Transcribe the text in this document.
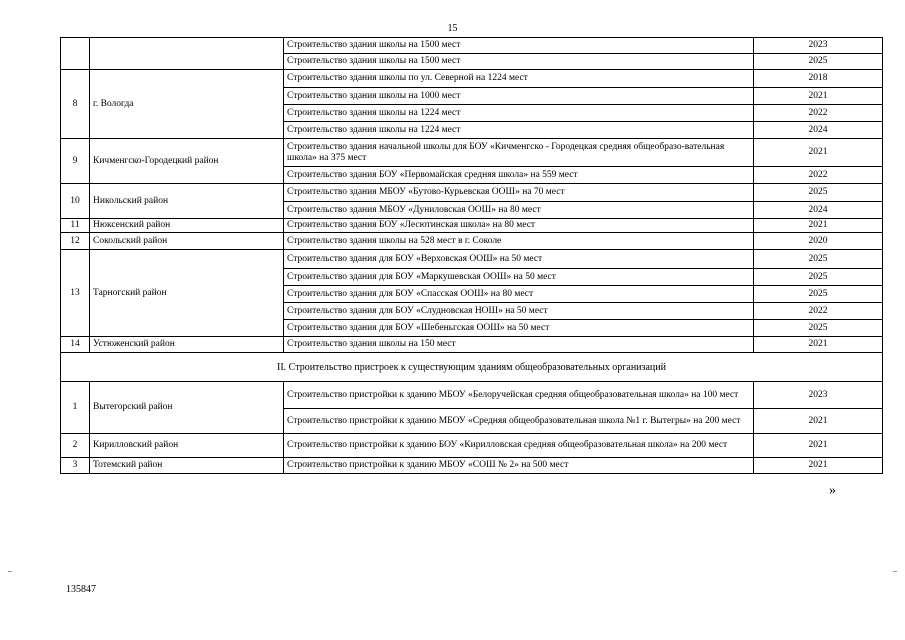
15
		Строительство здания школы на 1500 мест	2023
		Строительство здания школы на 1500 мест	2025
8	г. Вологда	Строительство здания школы по ул. Северной на 1224 мест	2018
		Строительство здания школы на 1000 мест	2021
		Строительство здания школы на 1224 мест	2022
		Строительство здания школы на 1224 мест	2024
9	Кичменгско-Городецкий район	Строительство здания начальной школы для БОУ «Кичменгско - Городецкая средняя общеобразо-вательная школа» на 375 мест	2021
		Строительство здания БОУ «Первомайская средняя школа» на 559 мест	2022
10	Никольский район	Строительство здания МБОУ «Бутово-Курьевская ООШ» на 70 мест	2025
		Строительство здания МБОУ «Дуниловская ООШ» на 80 мест	2024
11	Нюксенский район	Строительство здания БОУ «Лесютинская школа» на 80 мест	2021
12	Сокольский район	Строительство здания школы на 528 мест в г. Соколе	2020
13	Тарногский район	Строительство здания для БОУ «Верховская ООШ» на 50 мест	2025
		Строительство здания для БОУ «Маркушевская ООШ» на 50 мест	2025
		Строительство здания для БОУ «Спасская ООШ» на 80 мест	2025
		Строительство здания для БОУ «Слудновская НОШ» на 50 мест	2022
		Строительство здания для БОУ «Шебеньгская ООШ» на 50 мест	2025
14	Устюженский район	Строительство здания школы на 150 мест	2021
II. Строительство пристроек к существующим зданиям общеобразовательных организаций			
1	Вытегорский район	Строительство пристройки к зданию МБОУ «Белоручейская средняя общеобразовательная школа» на 100 мест	2023
		Строительство пристройки к зданию МБОУ «Средняя общеобразовательная школа №1 г. Вытегры» на 200 мест	2021
2	Кирилловский район	Строительство пристройки к зданию БОУ «Кирилловская средняя общеобразовательная школа» на 200 мест	2021
3	Тотемский район	Строительство пристройки к зданию МБОУ «СОШ № 2» на 500 мест	2021
»
135847
